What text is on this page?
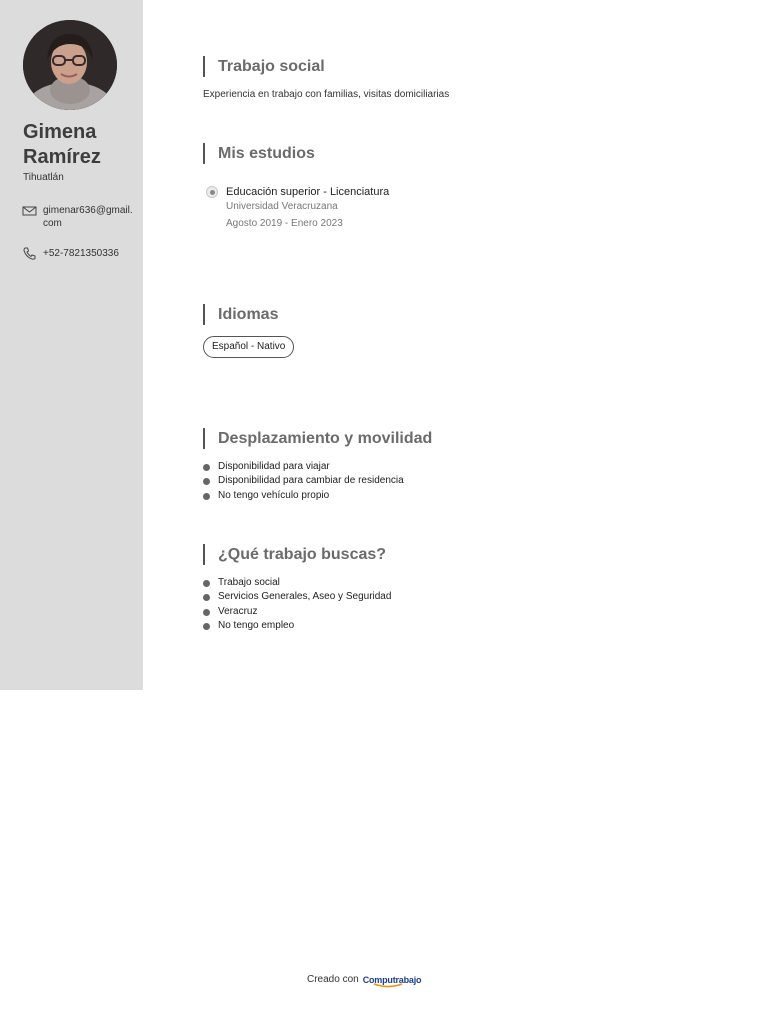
Gimena Ramírez
Tihuatlán
gimenar636@gmail.com
+52-7821350336
Trabajo social
Experiencia en trabajo con familias, visitas domiciliarias
Mis estudios
Educación superior - Licenciatura
Universidad Veracruzana
Agosto 2019 - Enero 2023
Idiomas
Español - Nativo
Desplazamiento y movilidad
Disponibilidad para viajar
Disponibilidad para cambiar de residencia
No tengo vehículo propio
¿Qué trabajo buscas?
Trabajo social
Servicios Generales, Aseo y Seguridad
Veracruz
No tengo empleo
Creado con Computrabajo
